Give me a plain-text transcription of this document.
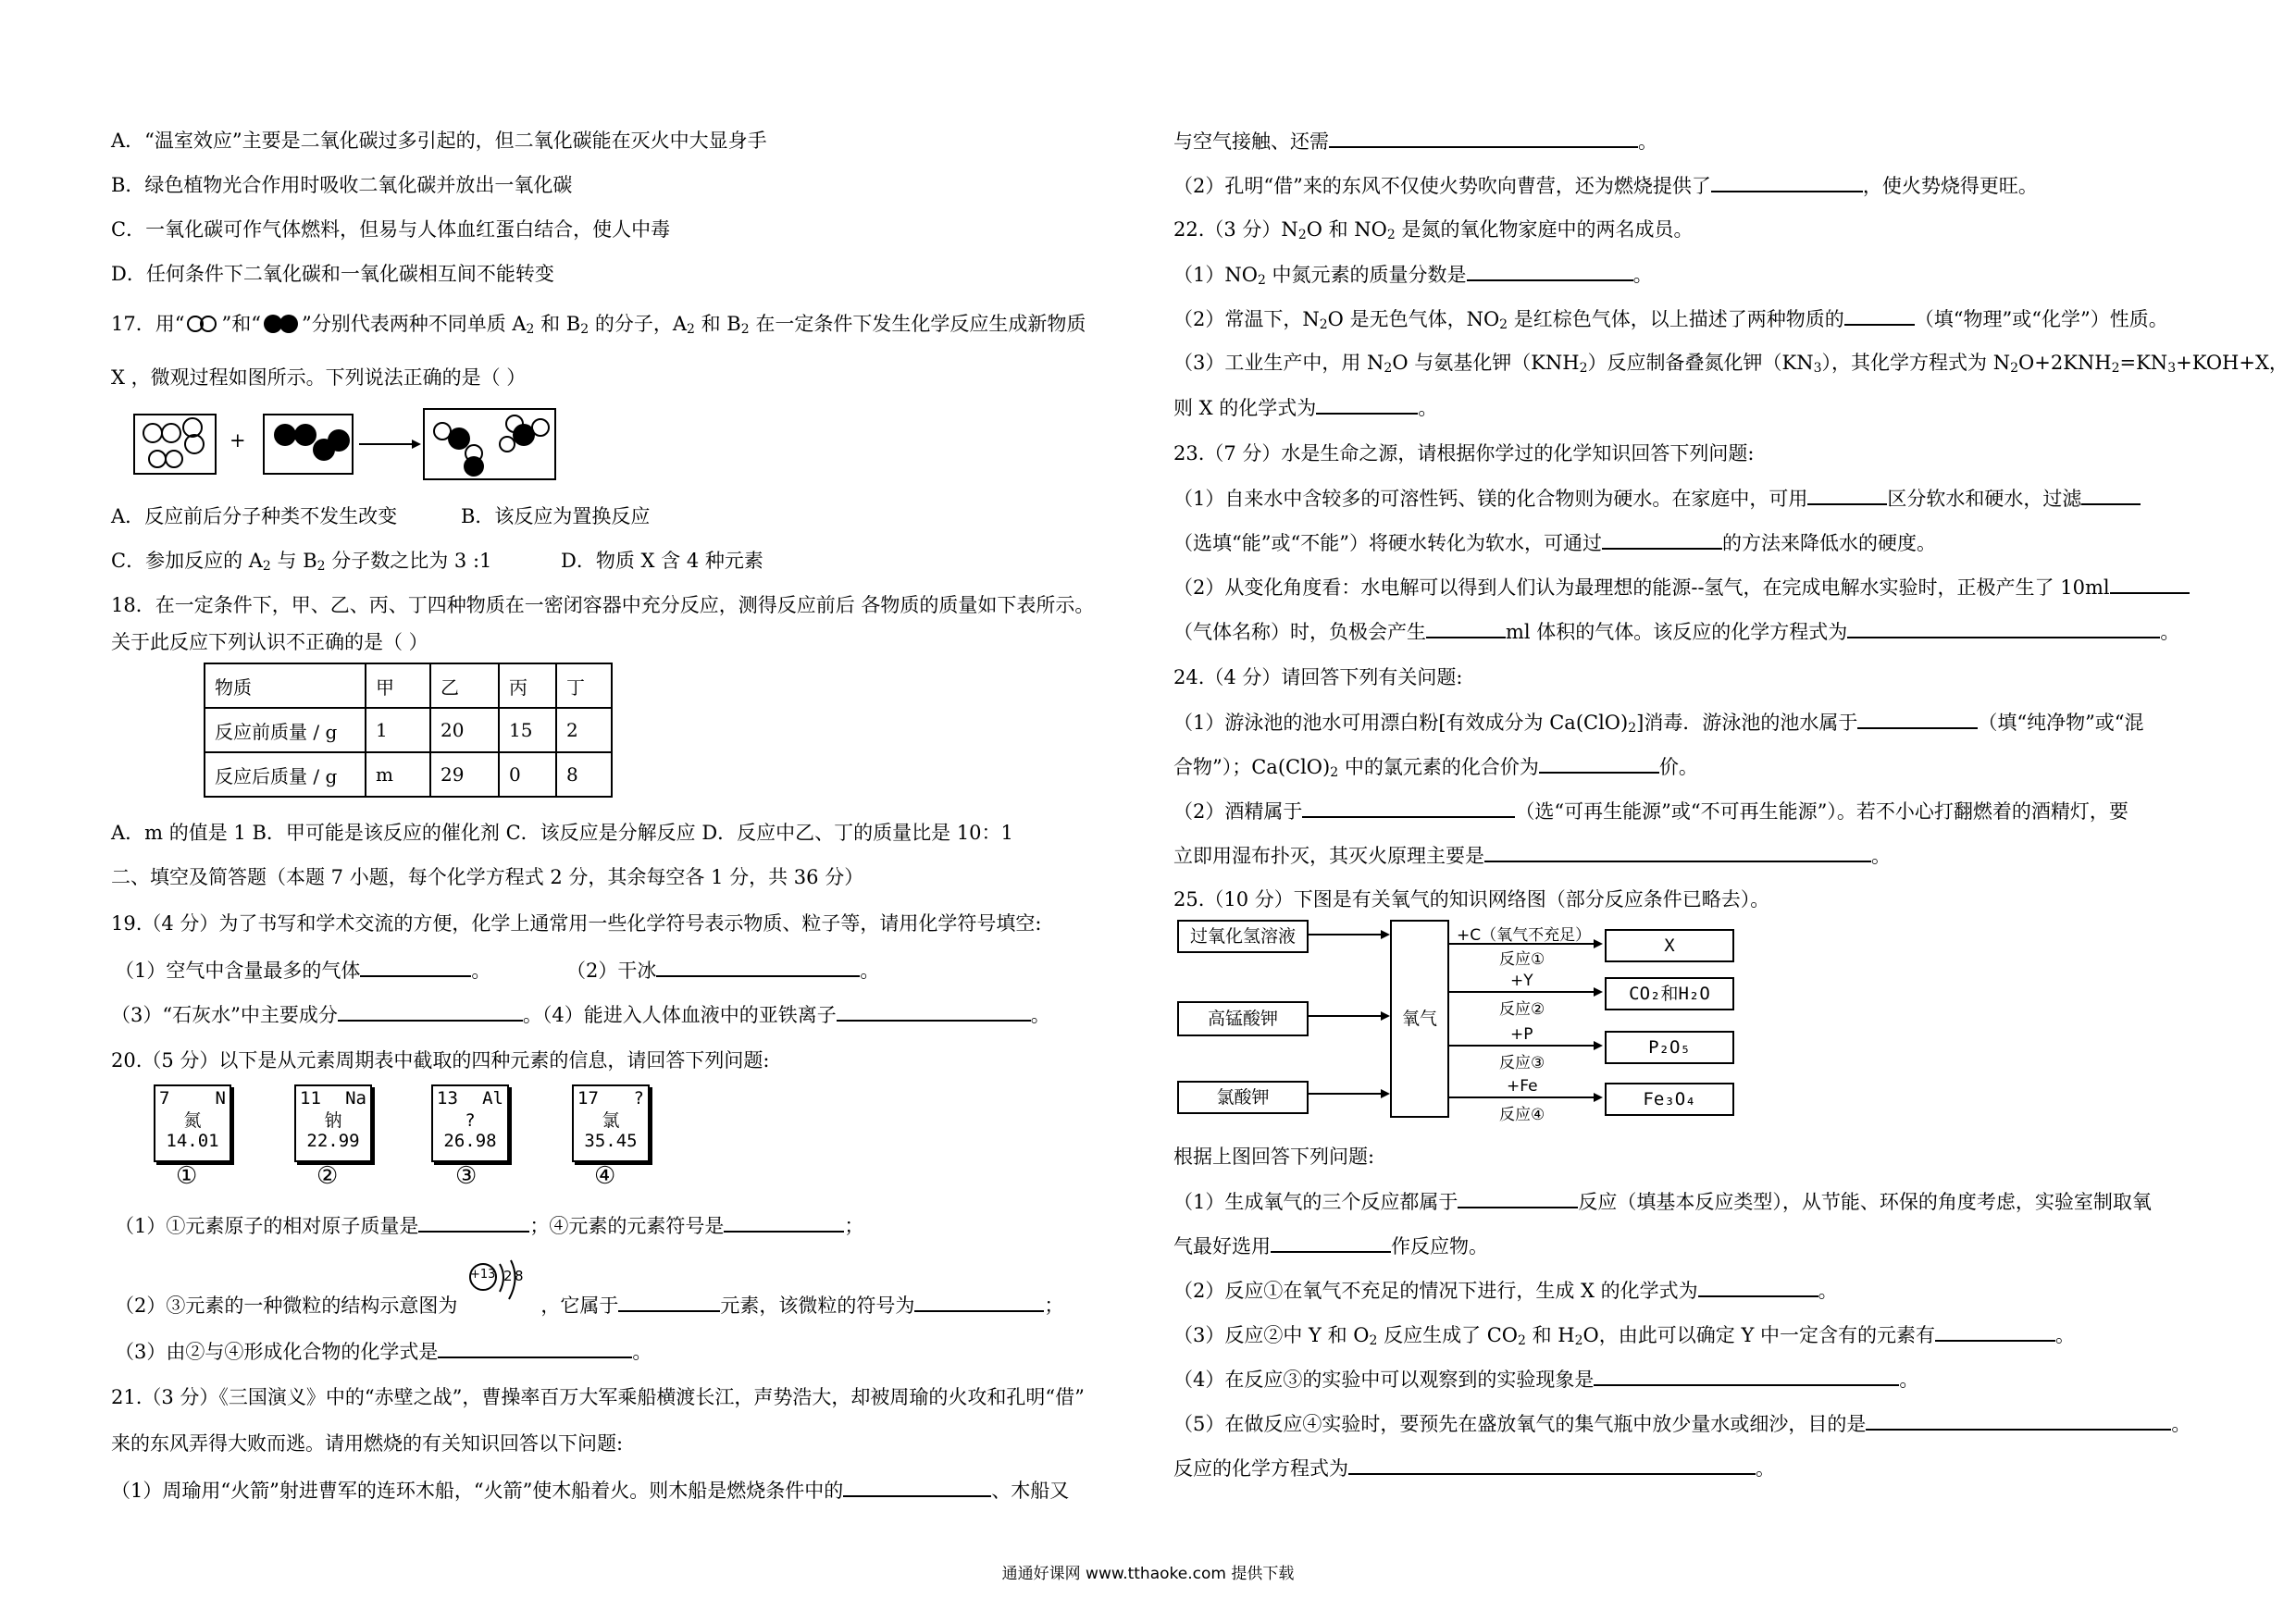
A．“温室效应”主要是二氧化碳过多引起的，但二氧化碳能在灭火中大显身手
B．绿色植物光合作用时吸收二氧化碳并放出一氧化碳
C．一氧化碳可作气体燃料，但易与人体血红蛋白结合，使人中毒
D．任何条件下二氧化碳和一氧化碳相互间不能转变
17．用“ ”和“ ”分别代表两种不同单质 $A_2$ 和 $B_2$ 的分子，$A_2$ 和 $B_2$ 在一定条件下发生化学反应生成新物质
X ，微观过程如图所示。下列说法正确的是（ ）
+
A．反应前后分子种类不发生改变	B．该反应为置换反应
C．参加反应的 $A_2$ 与 $B_2$ 分子数之比为 3 :1	D．物质 X 含 4 种元素
18．在一定条件下，甲、乙、丙、丁四种物质在一密闭容器中充分反应，测得反应前后 各物质的质量如下表所示。
关于此反应下列认识不正确的是（ ）
物质	甲	乙	丙	丁
反应前质量 / g	1	20	15	2
反应后质量 / g	m	29	0	8
A．m 的值是 1 B．甲可能是该反应的催化剂 C．该反应是分解反应 D．反应中乙、丁的质量比是 10：1
二、填空及简答题（本题 7 小题，每个化学方程式 2 分，其余每空各 1 分，共 36 分）
19.（4 分）为了书写和学术交流的方便，化学上通常用一些化学符号表示物质、粒子等，请用化学符号填空:
（1）空气中含量最多的气体	。	（2）干冰	。
（3）“石灰水”中主要成分	。（4）能进入人体血液中的亚铁离子	。
20.（5 分）以下是从元素周期表中截取的四种元素的信息，请回答下列问题:
7	N
氮
14.01
①
11 Na
钠
22.99
②
13 Al
?
26.98
③
17 ?
氯
35.45
④
（1）①元素原子的相对原子质量是	；④元素的元素符号是	；
（2）③元素的一种微粒的结构示意图为	，它属于	元素，该微粒的符号为	；
+13 2 8
（3）由②与④形成化合物的化学式是	。
21.（3 分）《三国演义》中的“赤壁之战”，曹操率百万大军乘船横渡长江，声势浩大，却被周瑜的火攻和孔明“借”
来的东风弄得大败而逃。请用燃烧的有关知识回答以下问题:
（1）周瑜用“火箭”射进曹军的连环木船，“火箭”使木船着火。则木船是燃烧条件中的	、木船又
与空气接触、还需	。
（2）孔明“借”来的东风不仅使火势吹向曹营，还为燃烧提供了	，使火势烧得更旺。
22.（3 分）$N_2O$ 和 $NO_2$ 是氮的氧化物家庭中的两名成员。
$(1)NO_2$ 中氮元素的质量分数是	。
（2）常温下，$N_2O$ 是无色气体，$NO_2$ 是红棕色气体，以上描述了两种物质的	（填“物理”或“化学”）性质。
（3）工业生产中，用 $N_2O$ 与氨基化钾$(KNH_2)$反应制备叠氮化钾$(KN_3)$，其化学方程式为 $N_2O+2KNH_2=KN_3+KOH+X$，
则 X 的化学式为	。
23.（7 分）水是生命之源，请根据你学过的化学知识回答下列问题:
（1）自来水中含较多的可溶性钙、镁的化合物则为硬水。在家庭中，可用	区分软水和硬水，过滤
（选填“能”或“不能”）将硬水转化为软水，可通过	的方法来降低水的硬度。
（2）从变化角度看：水电解可以得到人们认为最理想的能源--氢气，在完成电解水实验时，正极产生了 10ml
（气体名称）时，负极会产生	ml 体积的气体。该反应的化学方程式为	。
24.（4 分）请回答下列有关问题:
（1）游泳池的池水可用漂白粉[有效成分为 $Ca(ClO)_2$]消毒．游泳池的池水属于	（填“纯净物”或“混
合物”）；$Ca(ClO)_2$ 中的氯元素的化合价为	价。
（2）酒精属于	（选“可再生能源”或“不可再生能源”）。若不小心打翻燃着的酒精灯，要
立即用湿布扑灭，其灭火原理主要是	。
25.（10 分）下图是有关氧气的知识网络图（部分反应条件已略去）。
过氧化氢溶液
高锰酸钾
氯酸钾
氧气
+C（氧气不充足）
反应①
X
+Y
反应②
CO₂和H₂O
+P
反应③
P₂O₅
+Fe
反应④
Fe₃O₄
根据上图回答下列问题:
（1）生成氧气的三个反应都属于	反应（填基本反应类型），从节能、环保的角度考虑，实验室制取氧
气最好选用	作反应物。
（2）反应①在氧气不充足的情况下进行，生成 X 的化学式为	。
（3）反应②中 Y 和 $O_2$ 反应生成了 $CO_2$ 和 $H_2O$，由此可以确定 Y 中一定含有的元素有	。
（4）在反应③的实验中可以观察到的实验现象是	。
（5）在做反应④实验时，要预先在盛放氧气的集气瓶中放少量水或细沙，目的是	。
反应的化学方程式为	。
通通好课网 www.tthaoke.com 提供下载
